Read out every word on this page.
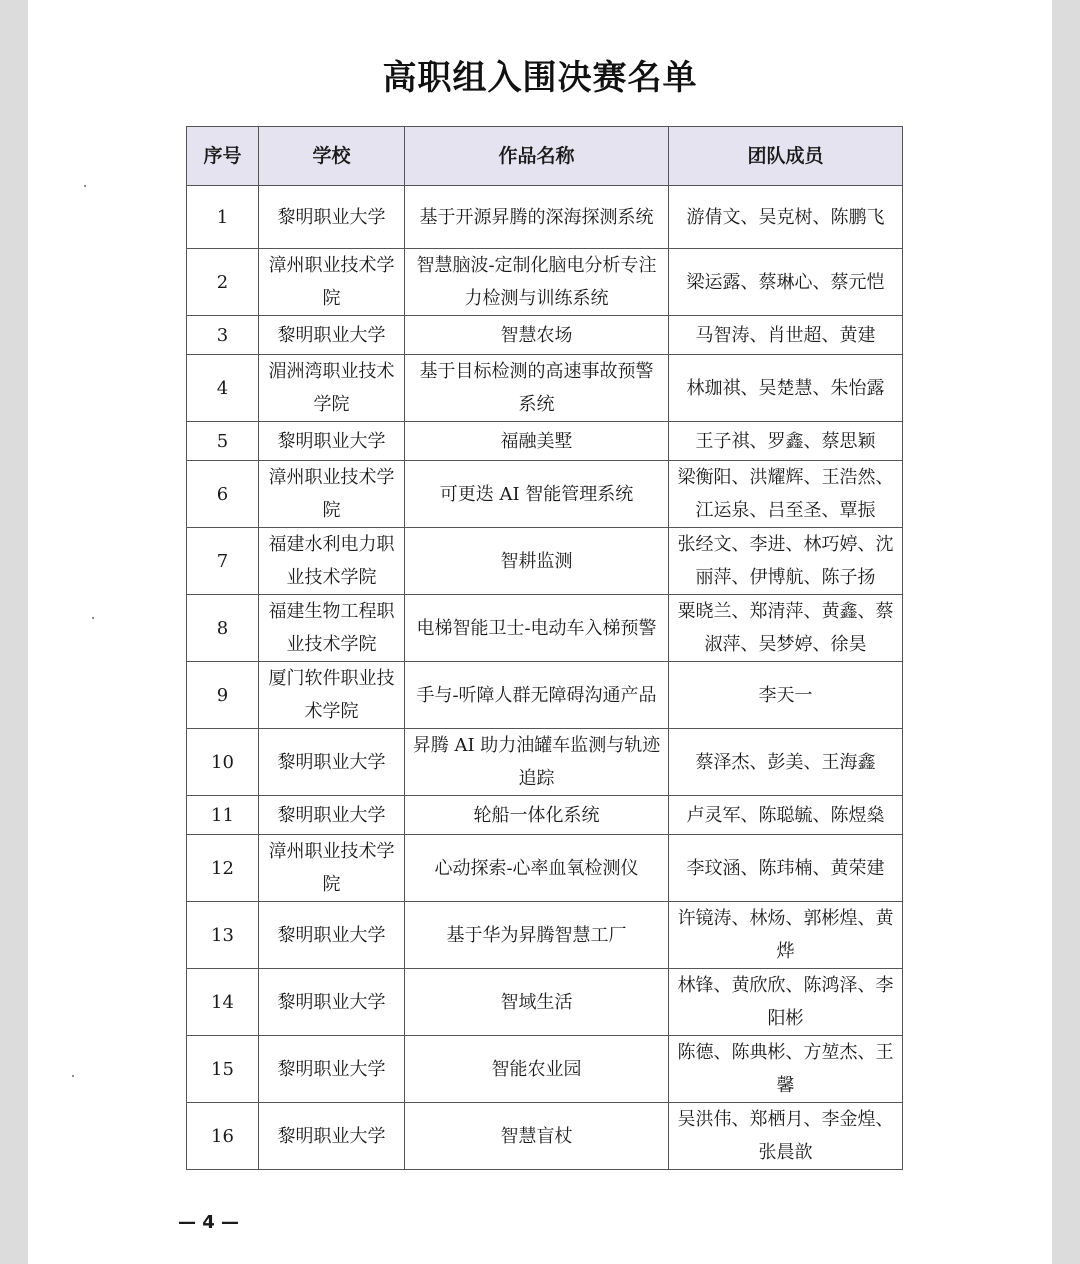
高职组入围决赛名单
序号	学校	作品名称	团队成员
1	黎明职业大学	基于开源昇腾的深海探测系统	游倩文、吴克树、陈鹏飞
2	漳州职业技术学院	智慧脑波-定制化脑电分析专注力检测与训练系统	梁运露、蔡琳心、蔡元恺
3	黎明职业大学	智慧农场	马智涛、肖世超、黄建
4	湄洲湾职业技术学院	基于目标检测的高速事故预警系统	林珈祺、吴楚慧、朱怡露
5	黎明职业大学	福融美墅	王子祺、罗鑫、蔡思颖
6	漳州职业技术学院	可更迭 AI 智能管理系统	梁衡阳、洪耀辉、王浩然、江运泉、吕至圣、覃振
7	福建水利电力职业技术学院	智耕监测	张经文、李进、林巧婷、沈丽萍、伊博航、陈子扬
8	福建生物工程职业技术学院	电梯智能卫士-电动车入梯预警	粟晓兰、郑清萍、黄鑫、蔡淑萍、吴梦婷、徐昊
9	厦门软件职业技术学院	手与-听障人群无障碍沟通产品	李天一
10	黎明职业大学	昇腾 AI 助力油罐车监测与轨迹追踪	蔡泽杰、彭美、王海鑫
11	黎明职业大学	轮船一体化系统	卢灵军、陈聪毓、陈煜燊
12	漳州职业技术学院	心动探索-心率血氧检测仪	李玟涵、陈玮楠、黄荣建
13	黎明职业大学	基于华为昇腾智慧工厂	许镜涛、林炀、郭彬煌、黄烨
14	黎明职业大学	智域生活	林锋、黄欣欣、陈鸿泽、李阳彬
15	黎明职业大学	智能农业园	陈德、陈典彬、方堃杰、王馨
16	黎明职业大学	智慧盲杖	吴洪伟、郑栖月、李金煌、张晨歆
— 4 —
